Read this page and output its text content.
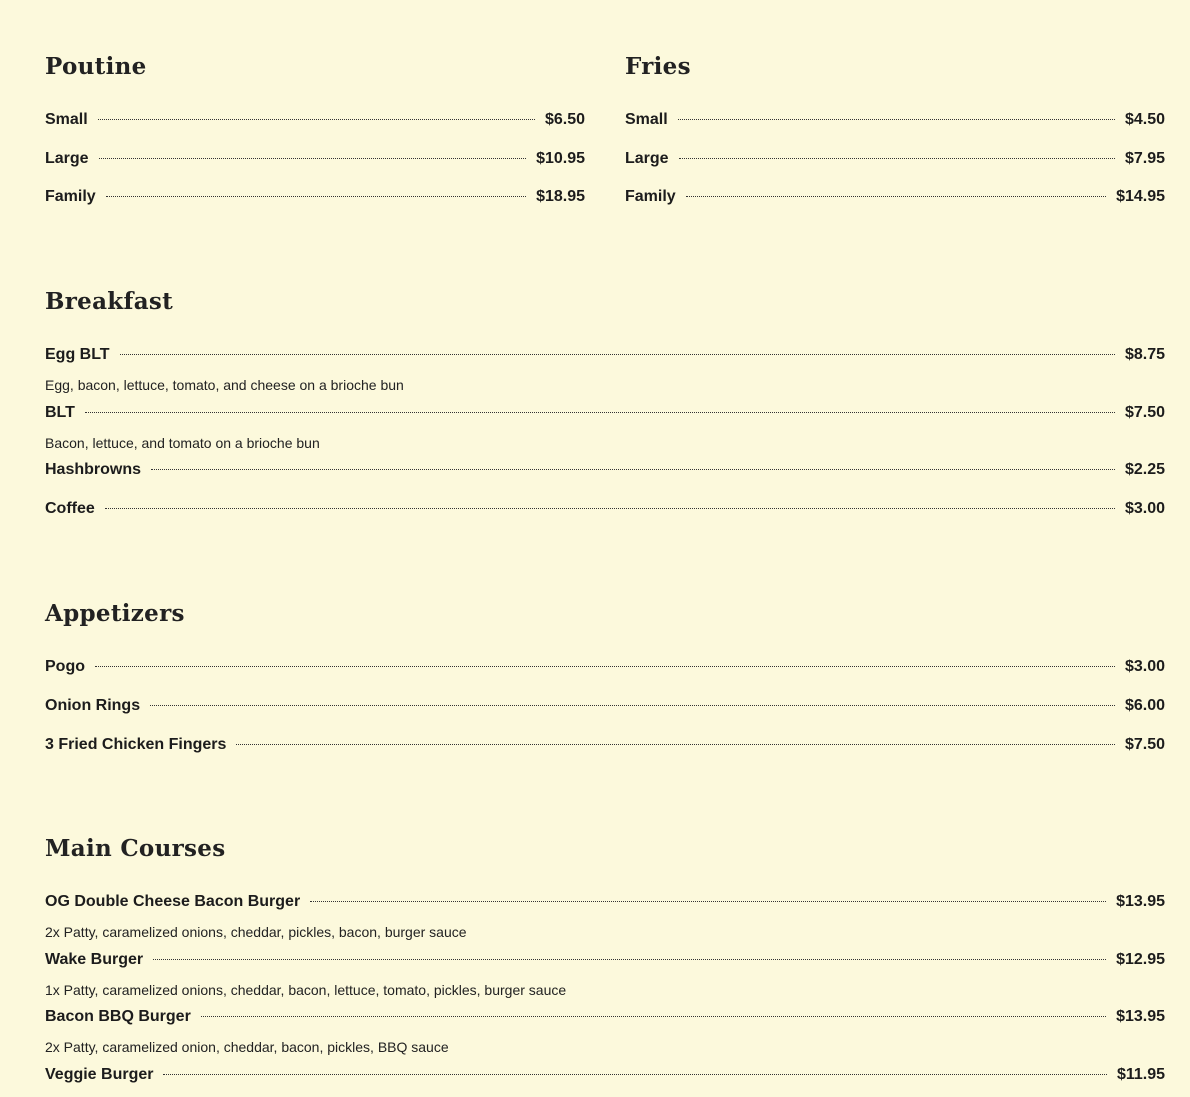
Poutine
Small	$6.50
Large	$10.95
Family	$18.95
Fries
Small	$4.50
Large	$7.95
Family	$14.95
Breakfast
Egg BLT	$8.75
Egg, bacon, lettuce, tomato, and cheese on a brioche bun
BLT	$7.50
Bacon, lettuce, and tomato on a brioche bun
Hashbrowns	$2.25
Coffee	$3.00
Appetizers
Pogo	$3.00
Onion Rings	$6.00
3 Fried Chicken Fingers	$7.50
Main Courses
OG Double Cheese Bacon Burger	$13.95
2x Patty, caramelized onions, cheddar, pickles, bacon, burger sauce
Wake Burger	$12.95
1x Patty, caramelized onions, cheddar, bacon, lettuce, tomato, pickles, burger sauce
Bacon BBQ Burger	$13.95
2x Patty, caramelized onion, cheddar, bacon, pickles, BBQ sauce
Veggie Burger	$11.95
